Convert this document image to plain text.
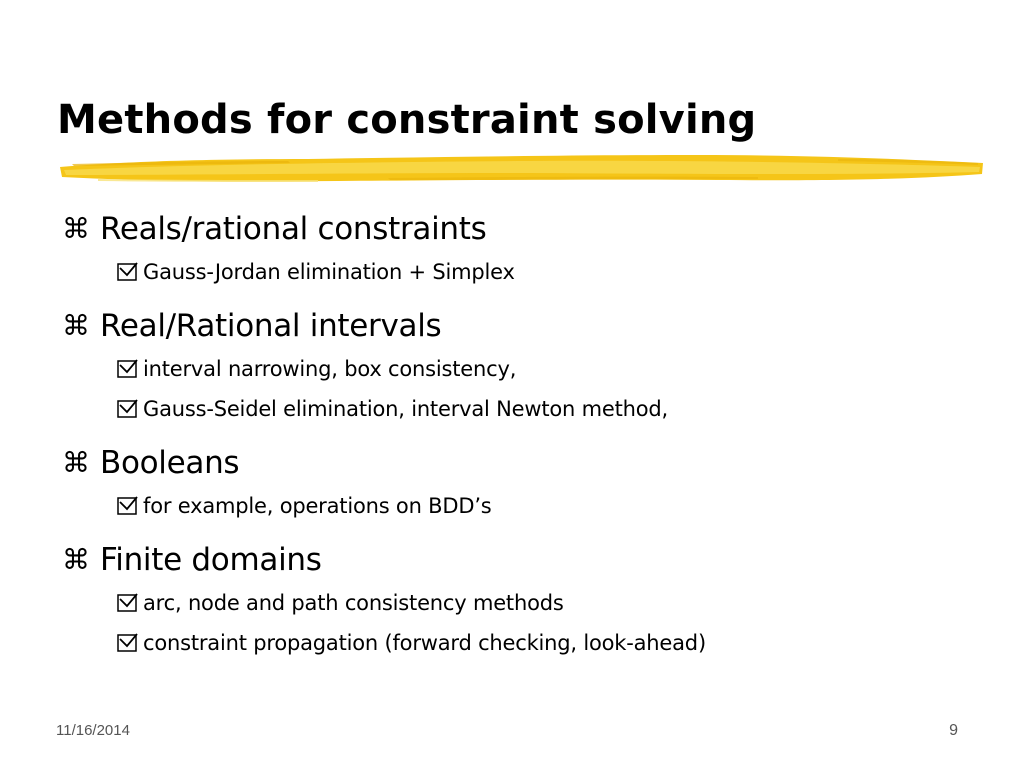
Methods for constraint solving
⌘ Reals/rational constraints
Gauss-Jordan elimination + Simplex
⌘ Real/Rational intervals
interval narrowing, box consistency,
Gauss-Seidel elimination, interval Newton method,
⌘ Booleans
for example, operations on BDD’s
⌘ Finite domains
arc, node and path consistency methods
constraint propagation (forward checking, look-ahead)
11/16/2014	9
